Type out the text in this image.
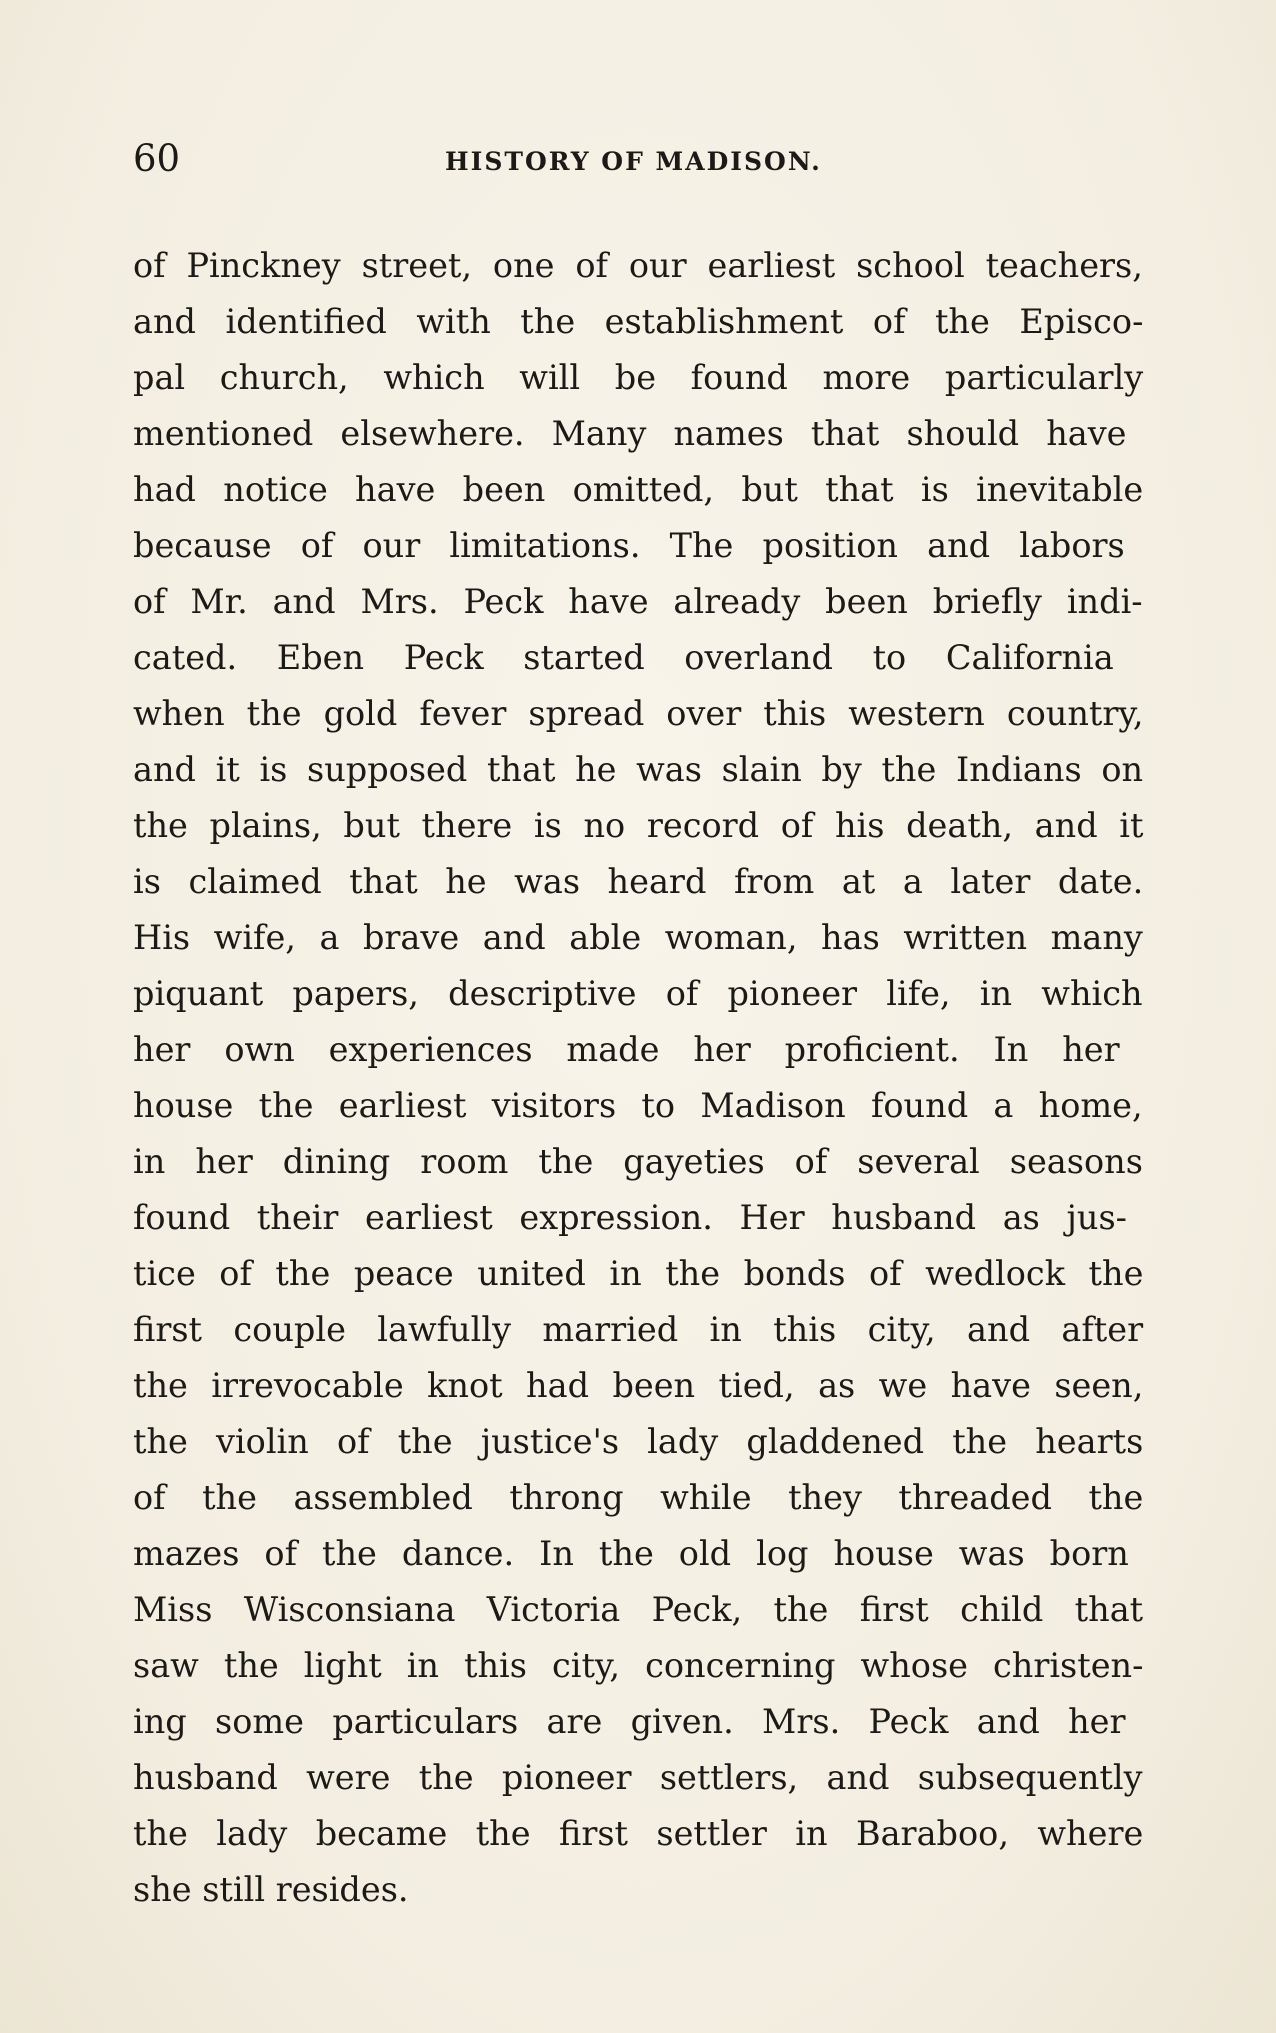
60	HISTORY OF MADISON.
of Pinckney street, one of our earliest school teachers,
and identified with the establishment of the Episco-
pal church, which will be found more particularly
mentioned elsewhere. Many names that should have
had notice have been omitted, but that is inevitable
because of our limitations. The position and labors
of Mr. and Mrs. Peck have already been briefly indi-
cated. Eben Peck started overland to California
when the gold fever spread over this western country,
and it is supposed that he was slain by the Indians on
the plains, but there is no record of his death, and it
is claimed that he was heard from at a later date.
His wife, a brave and able woman, has written many
piquant papers, descriptive of pioneer life, in which
her own experiences made her proficient. In her
house the earliest visitors to Madison found a home,
in her dining room the gayeties of several seasons
found their earliest expression. Her husband as jus-
tice of the peace united in the bonds of wedlock the
first couple lawfully married in this city, and after
the irrevocable knot had been tied, as we have seen,
the violin of the justice's lady gladdened the hearts
of the assembled throng while they threaded the
mazes of the dance. In the old log house was born
Miss Wisconsiana Victoria Peck, the first child that
saw the light in this city, concerning whose christen-
ing some particulars are given. Mrs. Peck and her
husband were the pioneer settlers, and subsequently
the lady became the first settler in Baraboo, where
she still resides.
